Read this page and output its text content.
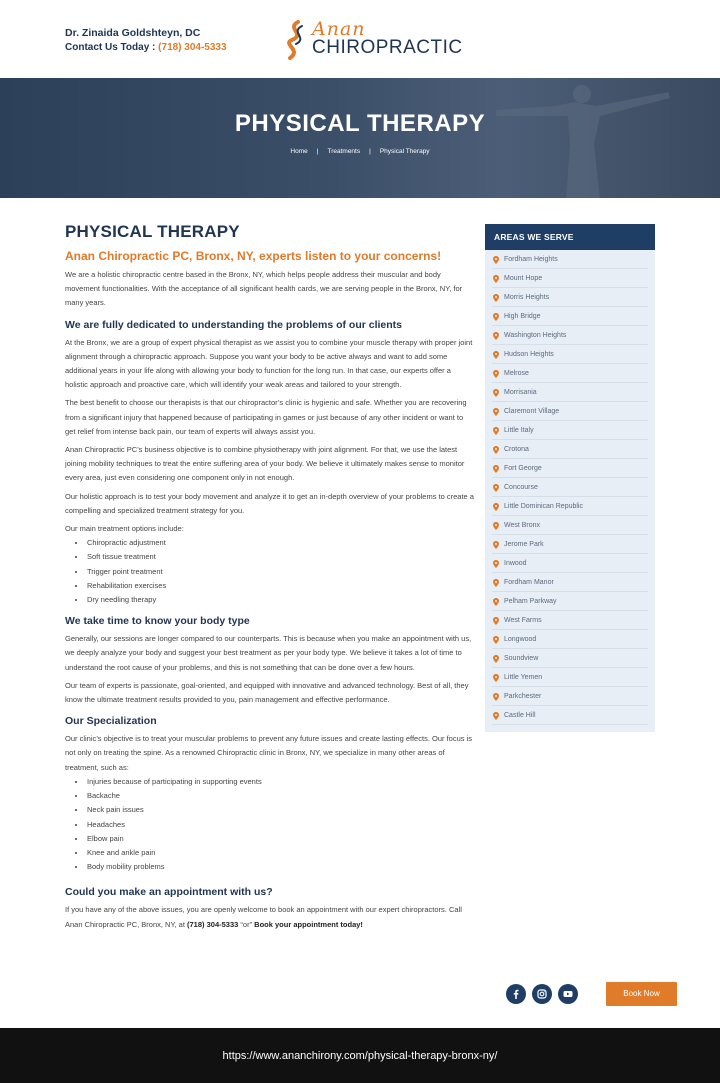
Dr. Zinaida Goldshteyn, DC
Contact Us Today : (718) 304-5333
Anan
CHIROPRACTIC
PHYSICAL THERAPY
Home | Treatments | Physical Therapy
PHYSICAL THERAPY
Anan Chiropractic PC, Bronx, NY, experts listen to your concerns!

We are a holistic chiropractic centre based in the Bronx, NY, which helps people address their muscular and body movement functionalities. With the acceptance of all significant health cards, we are serving people in the Bronx, NY, for many years.

We are fully dedicated to understanding the problems of our clients

At the Bronx, we are a group of expert physical therapist as we assist you to combine your muscle therapy with proper joint alignment through a chiropractic approach. Suppose you want your body to be active always and want to add some additional years in your life along with allowing your body to function for the long run. In that case, our experts offer a holistic approach and proactive care, which will identify your weak areas and tailored to your strength.

The best benefit to choose our therapists is that our chiropractor’s clinic is hygienic and safe. Whether you are recovering from a significant injury that happened because of participating in games or just because of any other incident or want to get relief from intense back pain, our team of experts will always assist you.

Anan Chiropractic PC’s business objective is to combine physiotherapy with joint alignment. For that, we use the latest joining mobility techniques to treat the entire suffering area of your body. We believe it ultimately makes sense to monitor every area, just even considering one component only in not enough.

Our holistic approach is to test your body movement and analyze it to get an in-depth overview of your problems to create a compelling and specialized treatment strategy for you.

Our main treatment options include:

• Chiropractic adjustment
• Soft tissue treatment
• Trigger point treatment
• Rehabilitation exercises
• Dry needling therapy
We take time to know your body type

Generally, our sessions are longer compared to our counterparts. This is because when you make an appointment with us, we deeply analyze your body and suggest your best treatment as per your body type. We believe it takes a lot of time to understand the root cause of your problems, and this is not something that can be done over a few hours.

Our team of experts is passionate, goal-oriented, and equipped with innovative and advanced technology. Best of all, they know the ultimate treatment results provided to you, pain management and effective performance.

Our Specialization

Our clinic’s objective is to treat your muscular problems to prevent any future issues and create lasting effects. Our focus is not only on treating the spine. As a renowned Chiropractic clinic in Bronx, NY, we specialize in many other areas of treatment, such as:

• Injuries because of participating in supporting events
• Backache
• Neck pain issues
• Headaches
• Elbow pain
• Knee and ankle pain
• Body mobility problems
Could you make an appointment with us?

If you have any of the above issues, you are openly welcome to book an appointment with our expert chiropractors. Call Anan Chiropractic PC, Bronx, NY, at (718) 304-5333 “or” Book your appointment today!

AREAS WE SERVE
Fordham Heights
Mount Hope
Morris Heights
High Bridge
Washington Heights
Hudson Heights
Melrose
Morrisania
Claremont Village
Little Italy
Crotona
Fort George
Concourse
Little Dominican Republic
West Bronx
Jerome Park
Inwood
Fordham Manor
Pelham Parkway
West Farms
Longwood
Soundview
Little Yemen
Parkchester
Castle Hill
Book Now
https://www.ananchirony.com/physical-therapy-bronx-ny/
